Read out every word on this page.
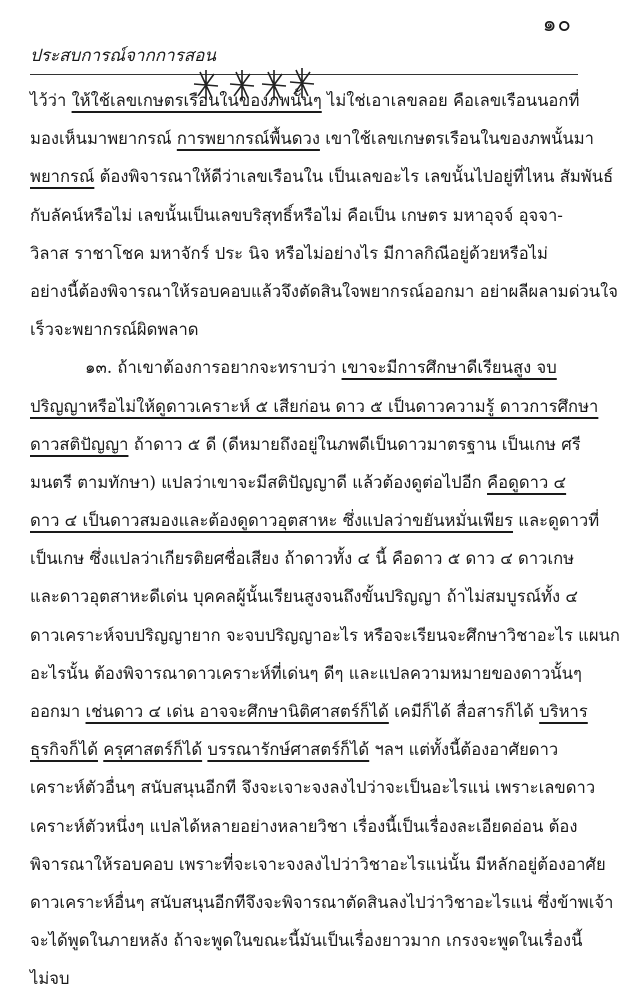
๑๐
ประสบการณ์จากการสอน
ไว้ว่า ให้ใช้เลขเกษตรเรือนในของภพนั้นๆ ไม่ใช่เอาเลขลอย คือเลขเรือนนอกที่
มองเห็นมาพยากรณ์ การพยากรณ์พื้นดวง เขาใช้เลขเกษตรเรือนในของภพนั้นมา
พยากรณ์ ต้องพิจารณาให้ดีว่าเลขเรือนใน เป็นเลขอะไร เลขนั้นไปอยู่ที่ไหน สัมพันธ์
กับลัคน์หรือไม่ เลขนั้นเป็นเลขบริสุทธิ์หรือไม่ คือเป็น เกษตร มหาอุจจ์ อุจจา-
วิลาส ราชาโชค มหาจักร์ ประ นิจ หรือไม่อย่างไร มีกาลกิณีอยู่ด้วยหรือไม่
อย่างนี้ต้องพิจารณาให้รอบคอบแล้วจึงตัดสินใจพยากรณ์ออกมา อย่าผลีผลามด่วนใจ
เร็วจะพยากรณ์ผิดพลาด
๑๓. ถ้าเขาต้องการอยากจะทราบว่า เขาจะมีการศึกษาดีเรียนสูง จบ
ปริญญาหรือไม่ให้ดูดาวเคราะห์ ๕ เสียก่อน ดาว ๕ เป็นดาวความรู้ ดาวการศึกษา
ดาวสติปัญญา ถ้าดาว ๕ ดี (ดีหมายถึงอยู่ในภพดีเป็นดาวมาตรฐาน เป็นเกษ ศรี
มนตรี ตามทักษา) แปลว่าเขาจะมีสติปัญญาดี แล้วต้องดูต่อไปอีก คือดูดาว ๔
ดาว ๔ เป็นดาวสมองและต้องดูดาวอุตสาหะ ซึ่งแปลว่าขยันหมั่นเพียร และดูดาวที่
เป็นเกษ ซึ่งแปลว่าเกียรติยศชื่อเสียง ถ้าดาวทั้ง ๔ นี้ คือดาว ๕ ดาว ๔ ดาวเกษ
และดาวอุตสาหะดีเด่น บุคคลผู้นั้นเรียนสูงจนถึงขั้นปริญญา ถ้าไม่สมบูรณ์ทั้ง ๔
ดาวเคราะห์จบปริญญายาก จะจบปริญญาอะไร หรือจะเรียนจะศึกษาวิชาอะไร แผนก
อะไรนั้น ต้องพิจารณาดาวเคราะห์ที่เด่นๆ ดีๆ และแปลความหมายของดาวนั้นๆ
ออกมา เช่นดาว ๔ เด่น อาจจะศึกษานิติศาสตร์ก็ได้ เคมีก็ได้ สื่อสารก็ได้ บริหาร
ธุรกิจก็ได้ ครุศาสตร์ก็ได้ บรรณารักษ์ศาสตร์ก็ได้ ฯลฯ แต่ทั้งนี้ต้องอาศัยดาว
เคราะห์ตัวอื่นๆ สนับสนุนอีกที จึงจะเจาะจงลงไปว่าจะเป็นอะไรแน่ เพราะเลขดาว
เคราะห์ตัวหนึ่งๆ แปลได้หลายอย่างหลายวิชา เรื่องนี้เป็นเรื่องละเอียดอ่อน ต้อง
พิจารณาให้รอบคอบ เพราะที่จะเจาะจงลงไปว่าวิชาอะไรแน่นั้น มีหลักอยู่ต้องอาศัย
ดาวเคราะห์อื่นๆ สนับสนุนอีกทีจึงจะพิจารณาตัดสินลงไปว่าวิชาอะไรแน่ ซึ่งข้าพเจ้า
จะได้พูดในภายหลัง ถ้าจะพูดในขณะนี้มันเป็นเรื่องยาวมาก เกรงจะพูดในเรื่องนี้
ไม่จบ
